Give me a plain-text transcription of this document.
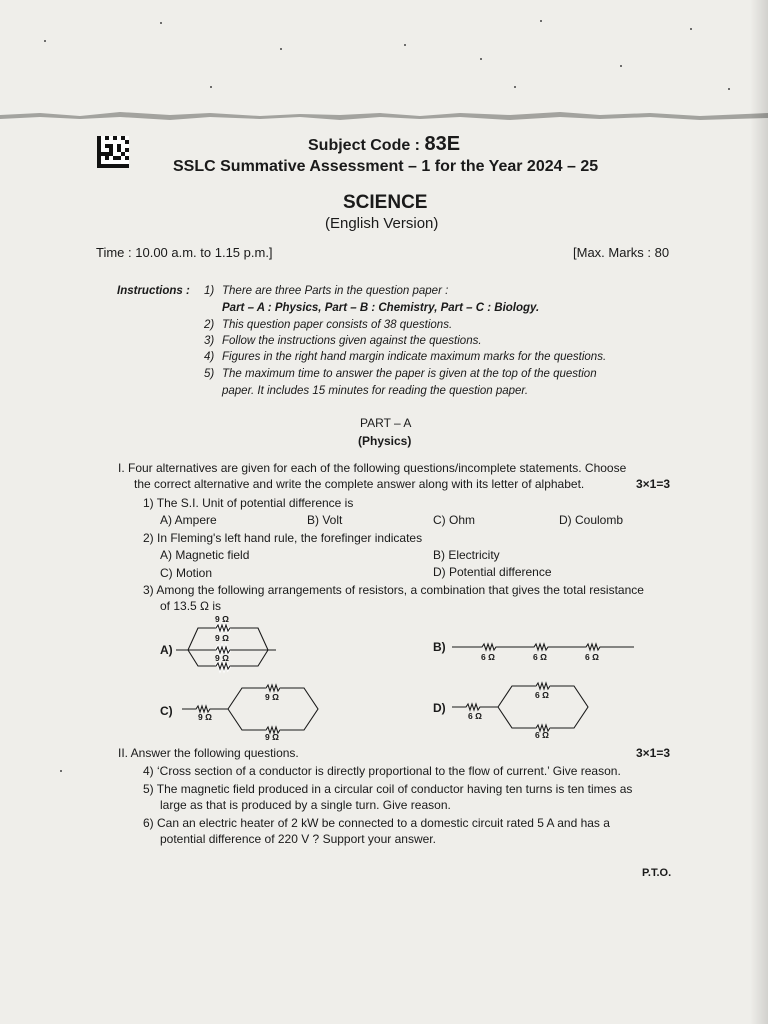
Subject Code : 83E
SSLC Summative Assessment – 1 for the Year 2024 – 25
SCIENCE
(English Version)
Time : 10.00 a.m. to 1.15 p.m.]	[Max. Marks : 80
Instructions : 1) There are three Parts in the question paper :
Part – A : Physics, Part – B : Chemistry, Part – C : Biology.
2) This question paper consists of 38 questions.
3) Follow the instructions given against the questions.
4) Figures in the right hand margin indicate maximum marks for the questions.
5) The maximum time to answer the paper is given at the top of the question
paper. It includes 15 minutes for reading the question paper.
PART – A
(Physics)
I. Four alternatives are given for each of the following questions/incomplete statements. Choose
the correct alternative and write the complete answer along with its letter of alphabet.	3×1=3
1) The S.I. Unit of potential difference is
A) Ampere	B) Volt	C) Ohm	D) Coulomb
2) In Fleming's left hand rule, the forefinger indicates
A) Magnetic field	B) Electricity
C) Motion	D) Potential difference
3) Among the following arrangements of resistors, a combination that gives the total resistance
of 13.5 Ω is
A)	B)
C)	D)
9 Ω
9 Ω
9 Ω	6 Ω	6 Ω	6 Ω
9 Ω
9 Ω
9 Ω
6 Ω
6 Ω
6 Ω
II. Answer the following questions.	3×1=3
4) ‘Cross section of a conductor is directly proportional to the flow of current.’ Give reason.
5) The magnetic field produced in a circular coil of conductor having ten turns is ten times as
large as that is produced by a single turn. Give reason.
6) Can an electric heater of 2 kW be connected to a domestic circuit rated 5 A and has a
potential difference of 220 V ? Support your answer.
P.T.O.
